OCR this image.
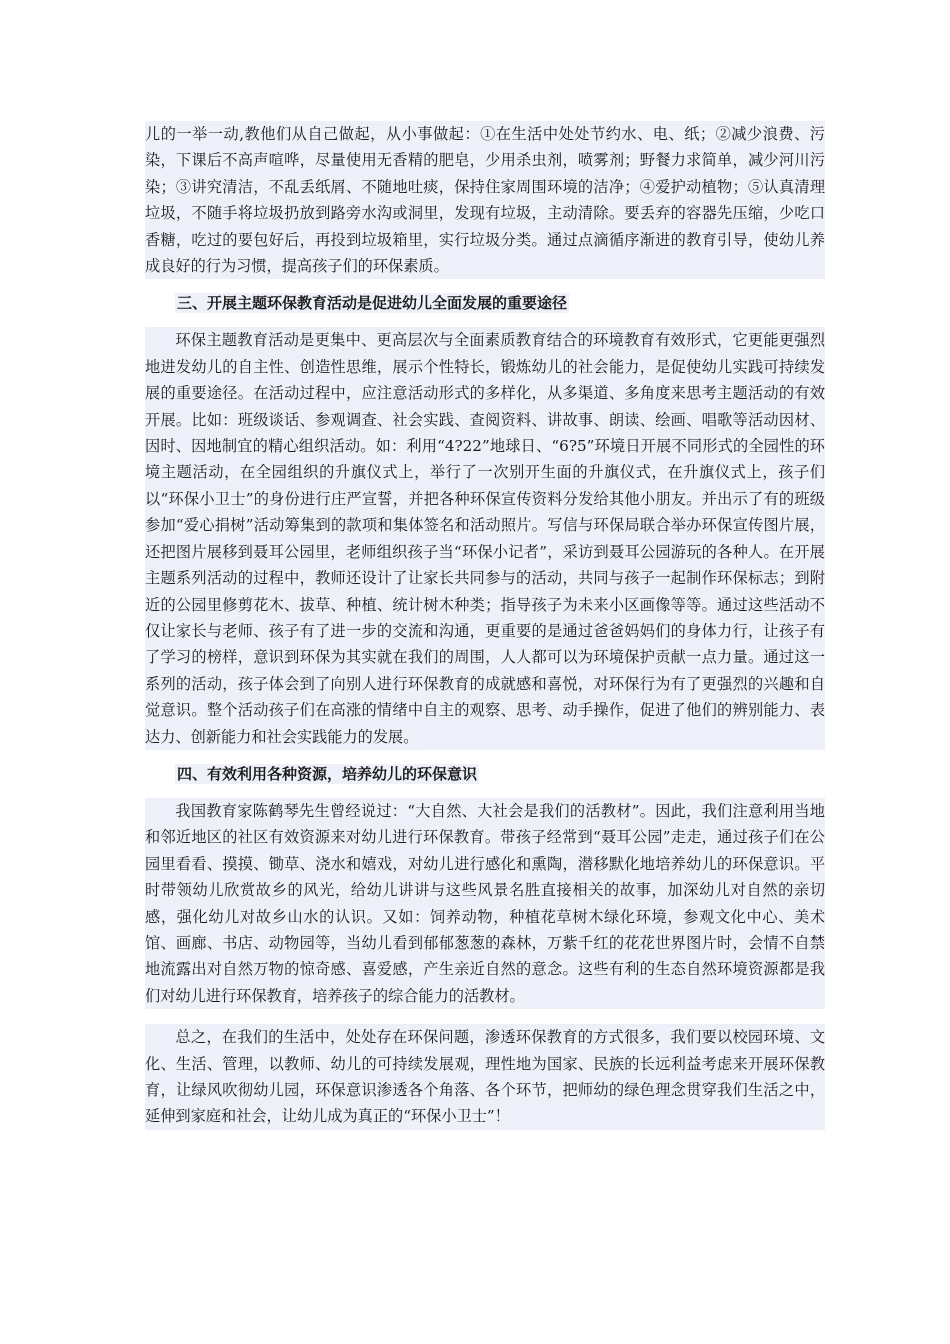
儿的一举一动,教他们从自己做起，从小事做起：①在生活中处处节约水、电、纸；②减少浪费、污染，下课后不高声喧哗，尽量使用无香精的肥皂，少用杀虫剂，喷雾剂；野餐力求简单，减少河川污染；③讲究清洁，不乱丢纸屑、不随地吐痰，保持住家周围环境的洁净；④爱护动植物；⑤认真清理垃圾，不随手将垃圾扔放到路旁水沟或洞里，发现有垃圾，主动清除。要丢弃的容器先压缩，少吃口香糖，吃过的要包好后，再投到垃圾箱里，实行垃圾分类。通过点滴循序渐进的教育引导，使幼儿养成良好的行为习惯，提高孩子们的环保素质。

三、开展主题环保教育活动是促进幼儿全面发展的重要途径

环保主题教育活动是更集中、更高层次与全面素质教育结合的环境教育有效形式，它更能更强烈地进发幼儿的自主性、创造性思维，展示个性特长，锻炼幼儿的社会能力，是促使幼儿实践可持续发展的重要途径。在活动过程中，应注意活动形式的多样化，从多渠道、多角度来思考主题活动的有效开展。比如：班级谈话、参观调查、社会实践、查阅资料、讲故事、朗读、绘画、唱歌等活动因材、因时、因地制宜的精心组织活动。如：利用“4?22”地球日、“6?5”环境日开展不同形式的全园性的环境主题活动，在全园组织的升旗仪式上，举行了一次别开生面的升旗仪式，在升旗仪式上，孩子们以“环保小卫士”的身份进行庄严宣誓，并把各种环保宣传资料分发给其他小朋友。并出示了有的班级参加“爱心捐树”活动筹集到的款项和集体签名和活动照片。写信与环保局联合举办环保宣传图片展，还把图片展移到聂耳公园里，老师组织孩子当“环保小记者”，采访到聂耳公园游玩的各种人。在开展主题系列活动的过程中，教师还设计了让家长共同参与的活动，共同与孩子一起制作环保标志；到附近的公园里修剪花木、拔草、种植、统计树木种类；指导孩子为未来小区画像等等。通过这些活动不仅让家长与老师、孩子有了进一步的交流和沟通，更重要的是通过爸爸妈妈们的身体力行，让孩子有了学习的榜样，意识到环保为其实就在我们的周围，人人都可以为环境保护贡献一点力量。通过这一系列的活动，孩子体会到了向别人进行环保教育的成就感和喜悦，对环保行为有了更强烈的兴趣和自觉意识。整个活动孩子们在高涨的情绪中自主的观察、思考、动手操作，促进了他们的辨别能力、表达力、创新能力和社会实践能力的发展。

四、有效利用各种资源，培养幼儿的环保意识

我国教育家陈鹤琴先生曾经说过：“大自然、大社会是我们的活教材”。因此，我们注意利用当地和邻近地区的社区有效资源来对幼儿进行环保教育。带孩子经常到“聂耳公园”走走，通过孩子们在公园里看看、摸摸、锄草、浇水和嬉戏，对幼儿进行感化和熏陶，潜移默化地培养幼儿的环保意识。平时带领幼儿欣赏故乡的风光，给幼儿讲讲与这些风景名胜直接相关的故事，加深幼儿对自然的亲切感，强化幼儿对故乡山水的认识。又如：饲养动物，种植花草树木绿化环境，参观文化中心、美术馆、画廊、书店、动物园等，当幼儿看到郁郁葱葱的森林，万紫千红的花花世界图片时，会情不自禁地流露出对自然万物的惊奇感、喜爱感，产生亲近自然的意念。这些有利的生态自然环境资源都是我们对幼儿进行环保教育，培养孩子的综合能力的活教材。

总之，在我们的生活中，处处存在环保问题，渗透环保教育的方式很多，我们要以校园环境、文化、生活、管理，以教师、幼儿的可持续发展观，理性地为国家、民族的长远利益考虑来开展环保教育，让绿风吹彻幼儿园，环保意识渗透各个角落、各个环节，把师幼的绿色理念贯穿我们生活之中，延伸到家庭和社会，让幼儿成为真正的“环保小卫士”！
